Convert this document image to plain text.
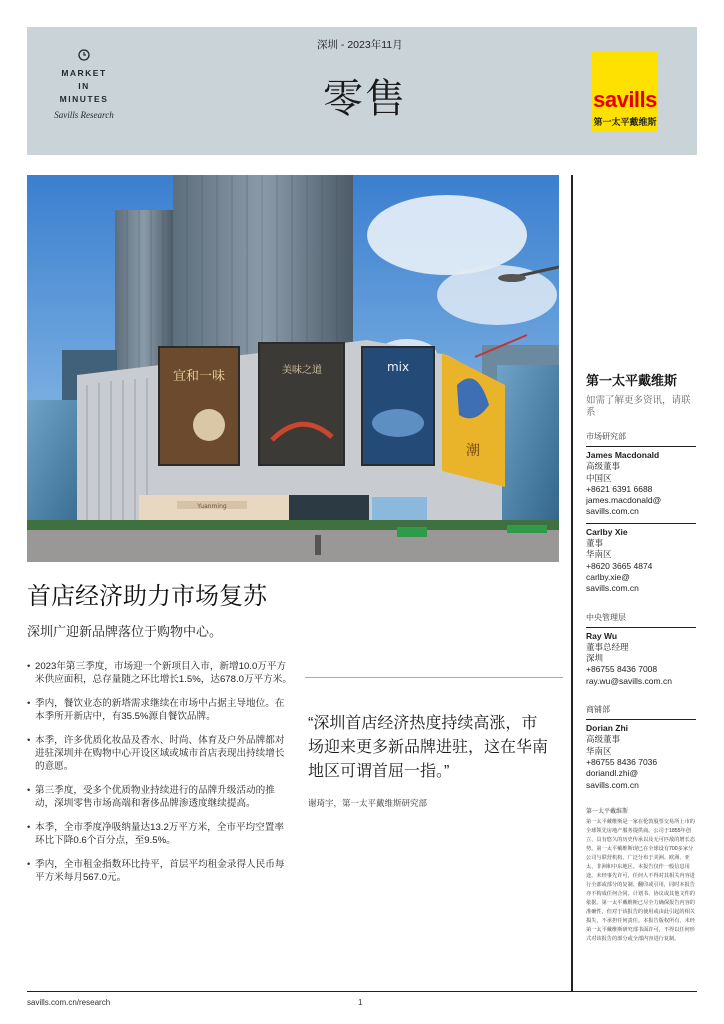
MARKET
IN
MINUTES
Savills Research
深圳 - 2023年11月
零售	savills
第一太平戴维斯
宜和一味	美味之道	mix
潮
Yuanming
首店经济助力市场复苏
深圳广迎新品牌落位于购物中心。
• 2023年第三季度，市场迎一个新项目入市，新增10.0万平方米供应面积，总存量随之环比增长1.5%，达678.0万平方米。
• 季内，餐饮业态的新塔需求继续在市场中占据主导地位。在本季所开新店中，有35.5%源自餐饮品牌。
• 本季，许多优质化妆品及香水、时尚、体育及户外品牌都对进驻深圳并在购物中心开设区域或城市首店表现出持续增长的意愿。
• 第三季度，受多个优质物业持续进行的品牌升级活动的推动，深圳零售市场高端和奢侈品牌渗透度继续提高。
• 本季，全市季度净吸纳量达13.2万平方米，全市平均空置率环比下降0.6个百分点，至9.5%。
• 季内，全市租金指数环比持平，首层平均租金录得人民币每平方米每月567.0元。
“深圳首店经济热度持续高涨，市场迎来更多新品牌进驻，这在华南地区可谓首屈一指。”
谢琦宇，第一太平戴维斯研究部
第一太平戴维斯
如需了解更多资讯，请联系
市场研究部
James Macdonald
高级董事
中国区
+8621 6391 6688
james.macdonald@
savills.com.cn
Carlby Xie
董事
华南区
+8620 3665 4874
carlby.xie@
savills.com.cn
中央管理层
Ray Wu
董事总经理
深圳
+86755 8436 7008
ray.wu@savills.com.cn
商铺部
Dorian Zhi
高级董事
华南区
+86755 8436 7036
doriandl.zhi@
savills.com.cn
第一太平戴维斯
第一太平戴维斯是一家在伦敦股票交易所上市的全球领先房地产服务提供商。公司于1855年创立，具有悠久的历史传承以及无可匹敌的增长态势。第一太平戴维斯现已在全球设有700多家分公司与联营机构，广泛分布于美洲、欧洲、亚太、非洲和中东地区。本报告仅作一般信息用途。未经事先许可，任何人不得对其相关内容进行全部或部分的复制、翻印或引用，同时本报告亦不构成任何合同、计划书、协议或其他文件的依据。第一太平戴维斯已尽全力确保报告内容的准确性，但对于该报告的使用或由此引起的相关损失，不承担任何责任。本报告版权所有，未经第一太平戴维斯研究部书面许可，不得以任何形式对该报告的部分或全部内容进行复制。
savills.com.cn/research	1
